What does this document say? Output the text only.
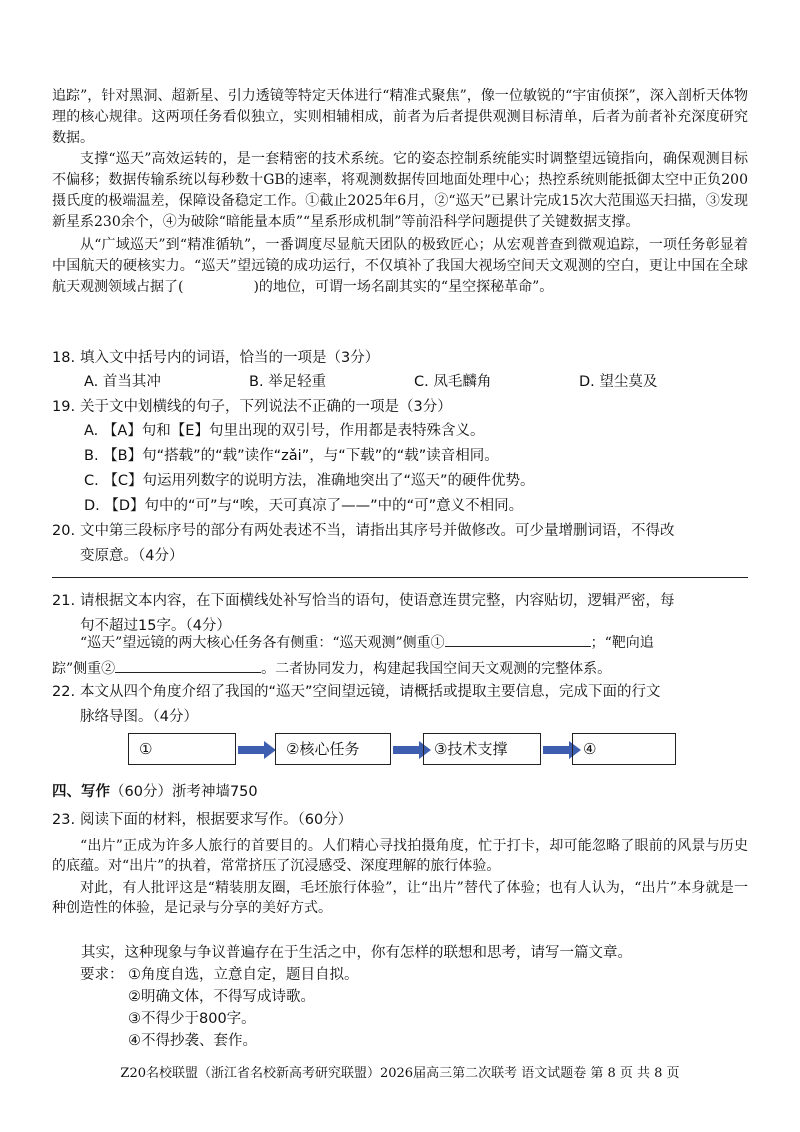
追踪”，针对黑洞、超新星、引力透镜等特定天体进行“精准式聚焦”，像一位敏锐的“宇宙侦探”，深入剖析天体物理的核心规律。这两项任务看似独立，实则相辅相成，前者为后者提供观测目标清单，后者为前者补充深度研究数据。

支撑“巡天”高效运转的，是一套精密的技术系统。它的姿态控制系统能实时调整望远镜指向，确保观测目标不偏移；数据传输系统以每秒数十GB的速率，将观测数据传回地面处理中心；热控系统则能抵御太空中正负200摄氏度的极端温差，保障设备稳定工作。①截止2025年6月，②“巡天”已累计完成15次大范围巡天扫描，③发现新星系230余个，④为破除“暗能量本质”“星系形成机制”等前沿科学问题提供了关键数据支撑。

从“广域巡天”到“精准循轨”，一番调度尽显航天团队的极致匠心；从宏观普查到微观追踪，一项任务彰显着中国航天的硬核实力。“巡天”望远镜的成功运行，不仅填补了我国大视场空间天文观测的空白，更让中国在全球航天观测领域占据了(　　　　　)的地位，可谓一场名副其实的“星空探秘革命”。

18. 填入文中括号内的词语，恰当的一项是（3分）
A. 首当其冲	B. 举足轻重	C. 凤毛麟角	D. 望尘莫及
19. 关于文中划横线的句子，下列说法不正确的一项是（3分）
A. 【A】句和【E】句里出现的双引号，作用都是表特殊含义。
B. 【B】句“搭载”的“载”读作“zǎi”，与“下载”的“载”读音相同。
C. 【C】句运用列数字的说明方法，准确地突出了“巡天”的硬件优势。
D. 【D】句中的“可”与“唉，天可真凉了——”中的“可”意义不相同。
20. 文中第三段标序号的部分有两处表述不当，请指出其序号并做修改。可少量增删词语，不得改
变原意。（4分）
21. 请根据文本内容，在下面横线处补写恰当的语句，使语意连贯完整，内容贴切，逻辑严密，每
句不超过15字。（4分）
“巡天”望远镜的两大核心任务各有侧重：“巡天观测”侧重①	；“靶向追
踪”侧重②	。二者协同发力，构建起我国空间天文观测的完整体系。
22. 本文从四个角度介绍了我国的“巡天”空间望远镜，请概括或提取主要信息，完成下面的行文
脉络导图。（4分）
①	②核心任务	③技术支撑	④
四、写作（60分）浙考神墙750
23. 阅读下面的材料，根据要求写作。（60分）

“出片”正成为许多人旅行的首要目的。人们精心寻找拍摄角度，忙于打卡，却可能忽略了眼前的风景与历史的底蕴。对“出片”的执着，常常挤压了沉浸感受、深度理解的旅行体验。

对此，有人批评这是“精装朋友圈，毛坯旅行体验”，让“出片”替代了体验；也有人认为，“出片”本身就是一种创造性的体验，是记录与分享的美好方式。

其实，这种现象与争议普遍存在于生活之中，你有怎样的联想和思考，请写一篇文章。
要求： ①角度自选，立意自定，题目自拟。
②明确文体，不得写成诗歌。
③不得少于800字。
④不得抄袭、套作。
Z20名校联盟（浙江省名校新高考研究联盟）2026届高三第二次联考 语文试题卷 第 8 页 共 8 页
